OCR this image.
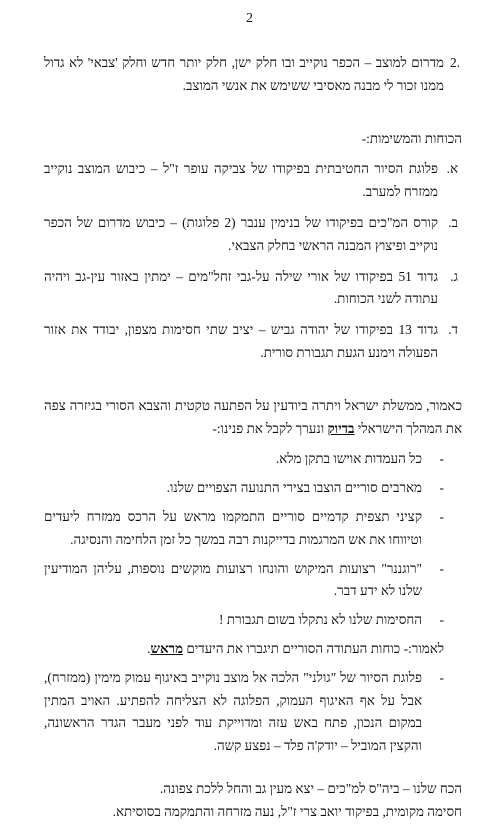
2
.2
מדרום למוצב – הכפר נוקייב ובו חלק ישן, חלק יותר חדש וחלק 'צבאי' לא גדול ממנו זכור לי מבנה מאסיבי ששימש את אנשי המוצב.

הכוחות והמשימות:-

א.
פלוגת הסיור החטיבתית בפיקודו של צביקה עופר ז"ל – כיבוש המוצב נוקייב ממזרח למערב.
ב.
קורס המ"כים בפיקודו של בנימין ענבר (2 פלוגות) – כיבוש מדרום של הכפר נוקייב ופיצוץ המבנה הראשי בחלק הצבאי.
ג.
גדוד 51 בפיקודו של אורי שילה על-גבי זחל"מים – ימתין באזור עין-גב ויהיה עתודה לשני הכוחות.
ד.
גדוד 13 בפיקודו של יהודה גביש – יציב שתי חסימות מצפון, יבודד את אזור הפעולה וימנע הגעת תגבורת סורית.

כאמור, ממשלת ישראל ויתרה ביודעין על הפתעה טקטית והצבא הסורי בגיזרה צפה את המהלך הישראלי בדיוק ונערך לקבל את פנינו:-

-
כל העמדות אוישו בתקן מלא.
-
מארבים סוריים הוצבו בצירי התנועה הצפויים שלנו.
-
קציני תצפית קדמיים סוריים התמקמו מראש על הרכס ממזרח ליעדים וטיווחו את אש המרגמות בדייקנות רבה במשך כל זמן הלחימה והנסיגה.
-
"רוגננר" רצועות המיקוש והונחו רצועות מוקשים נוספות, עליהן המודיעין שלנו לא ידע דבר.
-
החסימות שלנו לא נתקלו בשום תגבורת !

לאמור:- כוחות העתודה הסוריים תיגברו את היעדים מראש.

-
פלוגת הסיור של "גולני" הלכה אל מוצב נוקייב באיגוף עמוק מימין (ממזרח), אבל על אף האיגוף העמוק, הפלוגה לא הצליחה להפתיע. האויב המתין במקום הנכון, פתח באש עזה ומדוייקת עוד לפני מעבר הגדר הראשונה, והקצין המוביל – יודק'ה פלד – נפצע קשה.

הכח שלנו – ביה"ס למ"כים – יצא מעין גב והחל ללכת צפונה.

חסימה מקומית, בפיקוד יואב צרי ז"ל, נעה מזרחה והתמקמה בסוסיתא.
